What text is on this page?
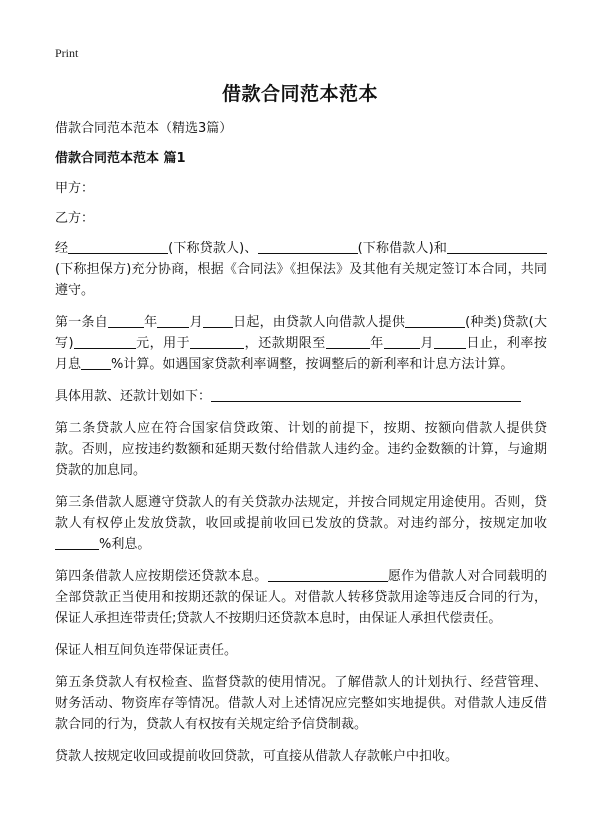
Print
借款合同范本范本

借款合同范本范本（精选3篇）

借款合同范本范本 篇1

甲方：

乙方：

经	(下称贷款人)、	(下称借款人)和(下称担保方)充分协商，根据《合同法》《担保法》及其他有关规定签订本合同，共同遵守。

第一条自	年 月 日起，由贷款人向借款人提供	(种类)贷款(大写)	元，用于	，还款期限至	年	月 日止，利率按月息 %计算。如遇国家贷款利率调整，按调整后的新利率和计息方法计算。

具体用款、还款计划如下：

第二条贷款人应在符合国家信贷政策、计划的前提下，按期、按额向借款人提供贷款。否则，应按违约数额和延期天数付给借款人违约金。违约金数额的计算，与逾期贷款的加息同。

第三条借款人愿遵守贷款人的有关贷款办法规定，并按合同规定用途使用。否则，贷款人有权停止发放贷款，收回或提前收回已发放的贷款。对违约部分，按规定加收%利息。

第四条借款人应按期偿还贷款本息。	愿作为借款人对合同载明的全部贷款正当使用和按期还款的保证人。对借款人转移贷款用途等违反合同的行为，保证人承担连带责任;贷款人不按期归还贷款本息时，由保证人承担代偿责任。

保证人相互间负连带保证责任。

第五条贷款人有权检查、监督贷款的使用情况。了解借款人的计划执行、经营管理、财务活动、物资库存等情况。借款人对上述情况应完整如实地提供。对借款人违反借款合同的行为，贷款人有权按有关规定给予信贷制裁。

贷款人按规定收回或提前收回贷款，可直接从借款人存款帐户中扣收。
